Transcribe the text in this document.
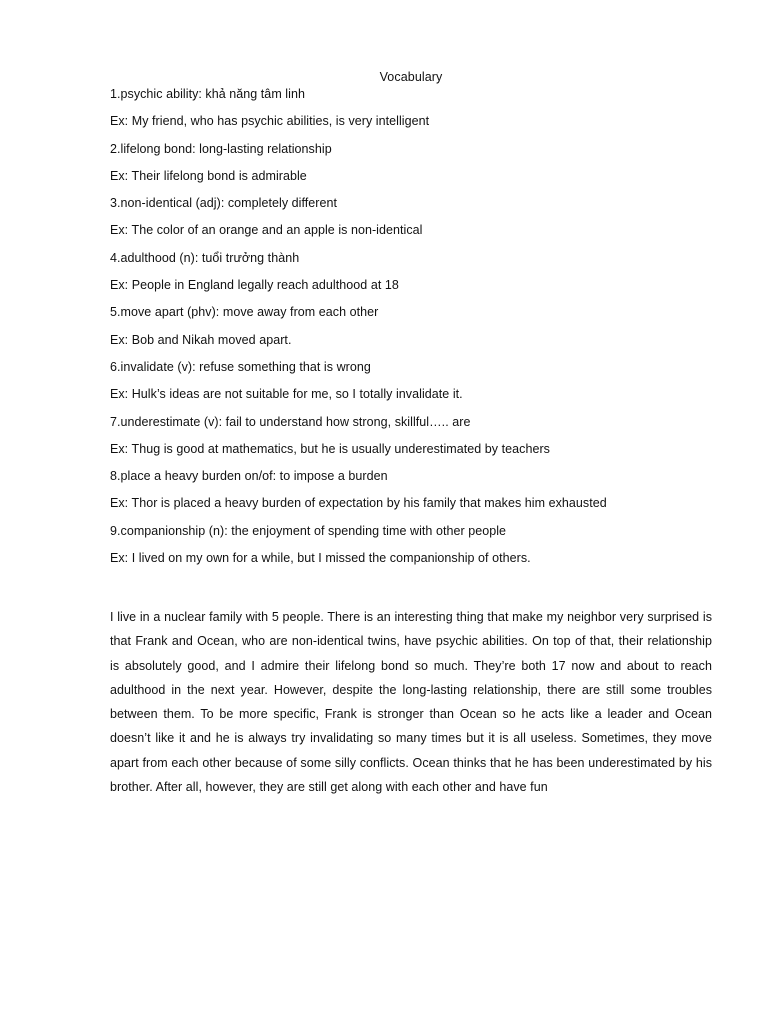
Vocabulary
1.psychic ability: khả năng tâm linh
Ex: My friend, who has psychic abilities, is very intelligent
2.lifelong bond: long-lasting relationship
Ex: Their lifelong bond is admirable
3.non-identical (adj): completely different
Ex: The color of an orange and an apple is non-identical
4.adulthood (n): tuổi trưởng thành
Ex: People in England legally reach adulthood at 18
5.move apart (phv): move away from each other
Ex: Bob and Nikah moved apart.
6.invalidate (v): refuse something that is wrong
Ex: Hulk’s ideas are not suitable for me, so I totally invalidate it.
7.underestimate (v): fail to understand how strong, skillful….. are
Ex: Thug is good at mathematics, but he is usually underestimated by teachers
8.place a heavy burden on/of: to impose a burden
Ex: Thor is placed a heavy burden of expectation by his family that makes him exhausted
9.companionship (n): the enjoyment of spending time with other people
Ex: I lived on my own for a while, but I missed the companionship of others.

I live in a nuclear family with 5 people. There is an interesting thing that make my neighbor very surprised is that Frank and Ocean, who are non-identical twins, have psychic abilities. On top of that, their relationship is absolutely good, and I admire their lifelong bond so much. They’re both 17 now and about to reach adulthood in the next year. However, despite the long-lasting relationship, there are still some troubles between them. To be more specific, Frank is stronger than Ocean so he acts like a leader and Ocean doesn’t like it and he is always try invalidating so many times but it is all useless. Sometimes, they move apart from each other because of some silly conflicts. Ocean thinks that he has been underestimated by his brother. After all, however, they are still get along with each other and have fun
